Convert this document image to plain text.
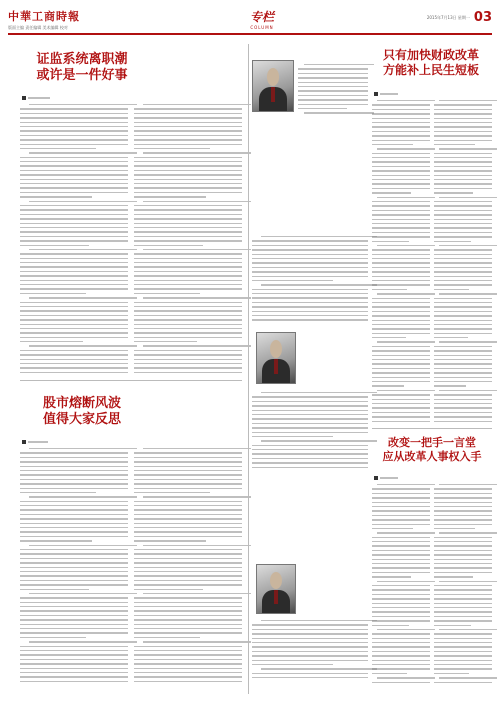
中華工商時報
版面主编 责任编辑 美术编辑 校对
专栏
COLUMN
2015年7月13日 星期一 03
证监系统离职潮
或许是一件好事
股市熔断风波
值得大家反思
只有加快财政改革
方能补上民生短板
改变一把手一言堂
应从改革人事权入手
